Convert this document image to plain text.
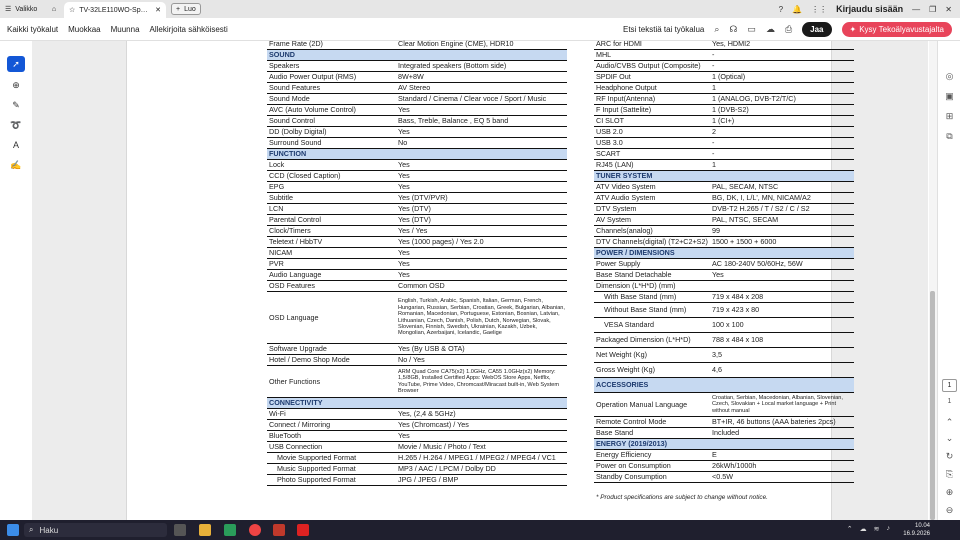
☰ Valikko	⌂	☆ TV-32LE110WO-Sp… ✕ + Luo	? 🔔 ⋮⋮ Kirjaudu sisään — ❐ ✕
Kaikki työkalut Muokkaa Muunna Allekirjoita sähköisesti	Etsi tekstiä tai työkalua ⌕ ☊ ▭ ☁ ⎙	Jaa	✦ Kysy Tekoälyavustajalta
➚
⊕
✎
➰
A
✍
Frame Rate (2D)	Clear Motion Engine (CME), HDR10
SOUND	
Speakers	Integrated speakers (Bottom side)
Audio Power Output (RMS)	8W+8W
Sound Features	AV Stereo
Sound Mode	Standard / Cinema / Clear voce / Sport / Music
AVC (Auto Volume Control)	Yes
Sound Control	Bass, Treble, Balance , EQ 5 band
DD (Dolby Digital)	Yes
Surround Sound	No
FUNCTION	
Lock	Yes
CCD (Closed Caption)	Yes
EPG	Yes
Subtitle	Yes (DTV/PVR)
LCN	Yes (DTV)
Parental Control	Yes (DTV)
Clock/Timers	Yes / Yes
Teletext / HbbTV	Yes (1000 pages) / Yes 2.0
NICAM	Yes
PVR	Yes
Audio Language	Yes
OSD Features	Common OSD
OSD Language	English, Turkish, Arabic, Spanish, Italian, German, French, Hungarian, Russian, Serbian, Croatian, Greek, Bulgarian, Albanian, Romanian, Macedonian, Portuguese, Estonian, Bosnian, Latvian, Lithuanian, Czech, Danish, Polish, Dutch, Norwegian, Slovak, Slovenian, Finnish, Swedish, Ukrainian, Kazakh, Uzbek, Mongolian, Azerbaijani, Icelandic, Gaelige
Software Upgrade	Yes (By USB & OTA)
Hotel / Demo Shop Mode	No / Yes
Other Functions	ARM Quad Core CA75(x2) 1.0GHz, CA55 1.0GHz(x2) Memory: 1,5/8GB, Installed Certified Apps: WebOS Store Apps, Netflix, YouTube, Prime Video, Chromcast/Miracast built-in, Web System Browser
CONNECTIVITY	
Wi-Fi	Yes, (2,4 & 5GHz)
Connect / Mirroring	Yes (Chromcast) / Yes
BlueTooth	Yes
USB Connection	Movie / Music / Photo / Text
Movie Supported Format	H.265 / H.264 / MPEG1 / MPEG2 / MPEG4 / VC1
Music Supported Format	MP3 / AAC / LPCM / Dolby DD
Photo Supported Format	JPG / JPEG / BMP
ARC for HDMI	Yes, HDMI2
MHL	-
Audio/CVBS Output (Composite)	-
SPDIF Out	1 (Optical)
Headphone Output	1
RF Input(Antenna)	1 (ANALOG, DVB-T2/T/C)
F Input (Sattelite)	1 (DVB-S2)
CI SLOT	1 (CI+)
USB 2.0	2
USB 3.0	-
SCART	-
RJ45 (LAN)	1
TUNER SYSTEM	
ATV Video System	PAL, SECAM, NTSC
ATV Audio System	BG, DK, I, L/L', MN, NICAM/A2
DTV System	DVB-T2 H.265 / T / S2 / C / S2
AV System	PAL, NTSC, SECAM
Channels(analog)	99
DTV Channels(digital) (T2+C2+S2)	1500 + 1500 + 6000
POWER / DIMENSIONS	
Power Supply	AC 180-240V 50/60Hz, 56W
Base Stand Detachable	Yes
Dimension (L*H*D) (mm)	
With Base Stand (mm)	719 x 484 x 208
Without Base Stand (mm)	719 x 423 x 80
VESA Standard	100 x 100
Packaged Dimension (L*H*D)	788 x 484 x 108
Net Weight (Kg)	3,5
Gross Weight (Kg)	4,6
ACCESSORIES	
Operation Manual Language	Croatian, Serbian, Macedonian, Albanian, Slovenian, Czech, Slovakian + Local market language + Print without manual
Remote Control Mode	BT+IR, 46 buttons (AAA bateries 2pcs)
Base Stand	Included
ENERGY (2019/2013)	
Energy Efficiency	E
Power on Consumption	26kWh/1000h
Standby Consumption	<0.5W
* Product specifications are subject to change without notice.
◎
▣
⊞
⧉
1
1
⌃
⌄
↻
⎘
⊕
⊖
⌕ Haku	⌃ ☁ ≋ ♪	10.04
16.9.2026
